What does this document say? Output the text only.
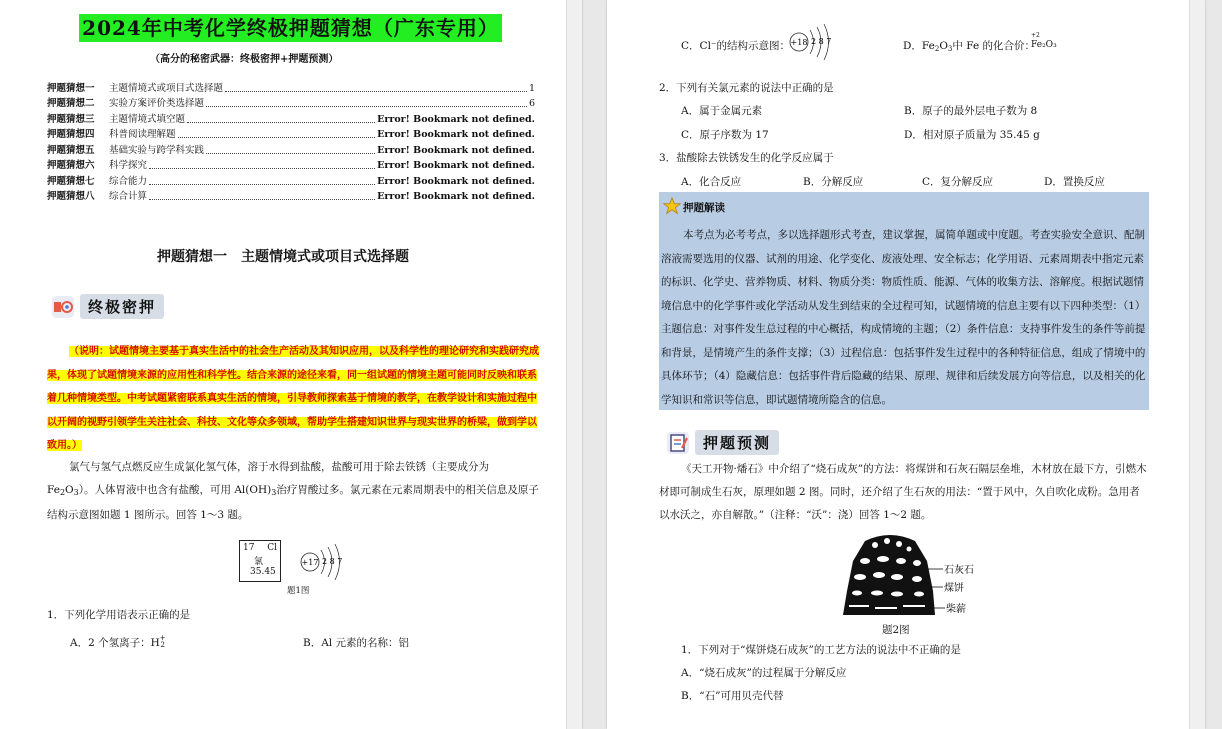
2024年中考化学终极押题猜想（广东专用）
（高分的秘密武器：终极密押+押题预测）
押题猜想一	主题情境式或项目式选择题	1
押题猜想二	实验方案评价类选择题	6
押题猜想三	主题情境式填空题	Error! Bookmark not defined.
押题猜想四	科普阅读理解题	Error! Bookmark not defined.
押题猜想五	基础实验与跨学科实践	Error! Bookmark not defined.
押题猜想六	科学探究	Error! Bookmark not defined.
押题猜想七	综合能力	Error! Bookmark not defined.
押题猜想八	综合计算	Error! Bookmark not defined.
押题猜想一　主题情境式或项目式选择题
终极密押
（说明：试题情境主要基于真实生活中的社会生产活动及其知识应用，以及科学性的理论研究和实践研究成果，体现了试题情境来源的应用性和科学性。结合来源的途径来看，同一组试题的情境主题可能同时反映和联系着几种情境类型。中考试题紧密联系真实生活的情境，引导教师探索基于情境的教学，在教学设计和实施过程中以开阔的视野引领学生关注社会、科技、文化等众多领域，帮助学生搭建知识世界与现实世界的桥梁，做到学以致用。）
氯气与氢气点燃反应生成氯化氢气体，溶于水得到盐酸，盐酸可用于除去铁锈（主要成分为 Fe2O3）。人体胃液中也含有盐酸，可用 Al(OH)3治疗胃酸过多。氯元素在元素周期表中的相关信息及原子结构示意图如题 1 图所示。回答 1～3 题。
17 Cl
氯
35.45
+17 2 8 7
题1图
1．下列化学用语表示正确的是
A．2 个氢离子：H +
2	B．Al 元素的名称：铝
C．Cl⁻的结构示意图： +18 2 8 7	D．Fe2O3中 Fe 的化合价：
+2
Fe₂O₃
2．下列有关氯元素的说法中正确的是
A．属于金属元素	B．原子的最外层电子数为 8
C．原子序数为 17	D．相对原子质量为 35.45 g
3．盐酸除去铁锈发生的化学反应属于
A．化合反应	B．分解反应	C．复分解反应	D．置换反应
押题解读
本考点为必考考点，多以选择题形式考查，建议掌握，属简单题或中度题。考查实验安全意识、配制溶液需要选用的仪器、试剂的用途、化学变化、废液处理、安全标志；化学用语、元素周期表中指定元素的标识、化学史、营养物质、材料、物质分类：物质性质、能源、气体的收集方法、溶解度。根据试题情境信息中的化学事件或化学活动从发生到结束的全过程可知，试题情境的信息主要有以下四种类型：（1）主题信息：对事件发生总过程的中心概括，构成情境的主题；（2）条件信息：支持事件发生的条件等前提和背景，是情境产生的条件支撑；（3）过程信息：包括事件发生过程中的各种特征信息，组成了情境中的具体环节；（4）隐藏信息：包括事件背后隐藏的结果、原理、规律和后续发展方向等信息，以及相关的化学知识和常识等信息，即试题情境所隐含的信息。
押题预测
《天工开物·燔石》中介绍了“烧石成灰”的方法：将煤饼和石灰石隔层垒堆，木材放在最下方，引燃木材即可制成生石灰，原理如题 2 图。同时，还介绍了生石灰的用法：“置于风中，久自吹化成粉。急用者以水沃之，亦自解散。”（注释：“沃”：浇）回答 1～2 题。
石灰石
煤饼
柴薪
题2图
1．下列对于“煤饼烧石成灰”的工艺方法的说法中不正确的是
A．“烧石成灰”的过程属于分解反应
B．“石”可用贝壳代替
